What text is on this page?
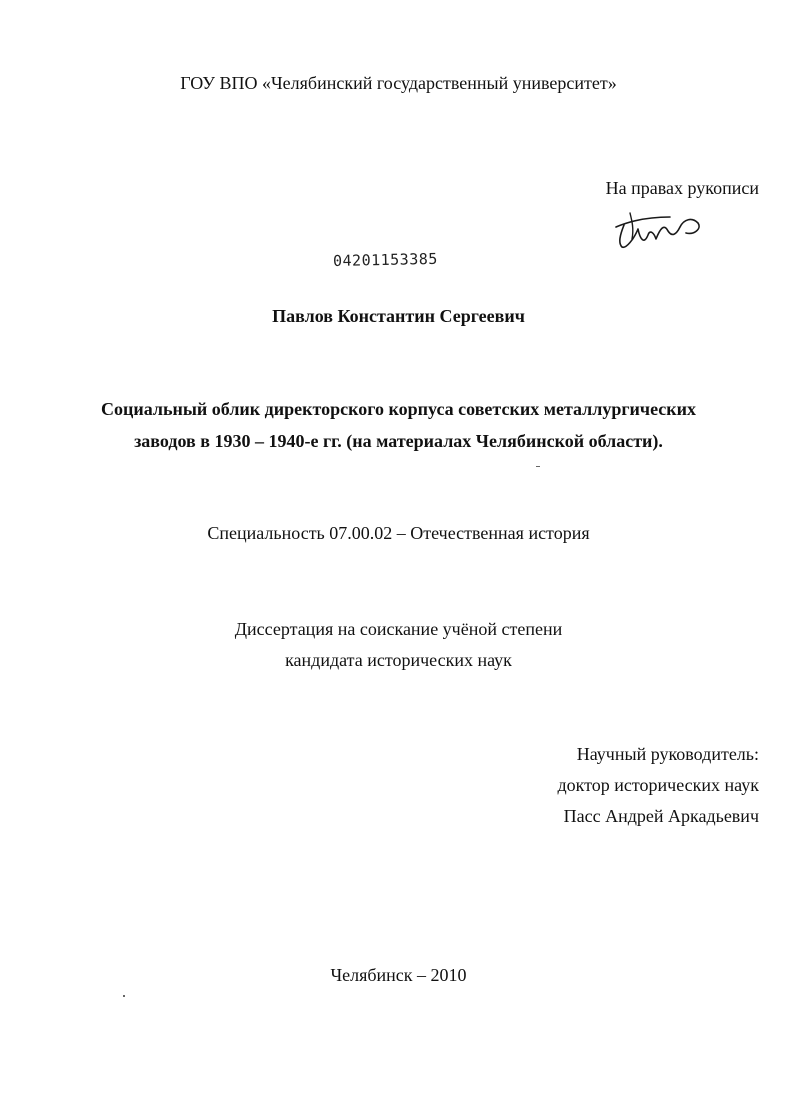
ГОУ ВПО «Челябинский государственный университет»
На правах рукописи
04201153385
Павлов Константин Сергеевич
Социальный облик директорского корпуса советских металлургических
заводов в 1930 – 1940-е гг. (на материалах Челябинской области).
Специальность 07.00.02 – Отечественная история
Диссертация на соискание учёной степени
кандидата исторических наук
Научный руководитель:
доктор исторических наук
Пасс Андрей Аркадьевич
Челябинск – 2010
